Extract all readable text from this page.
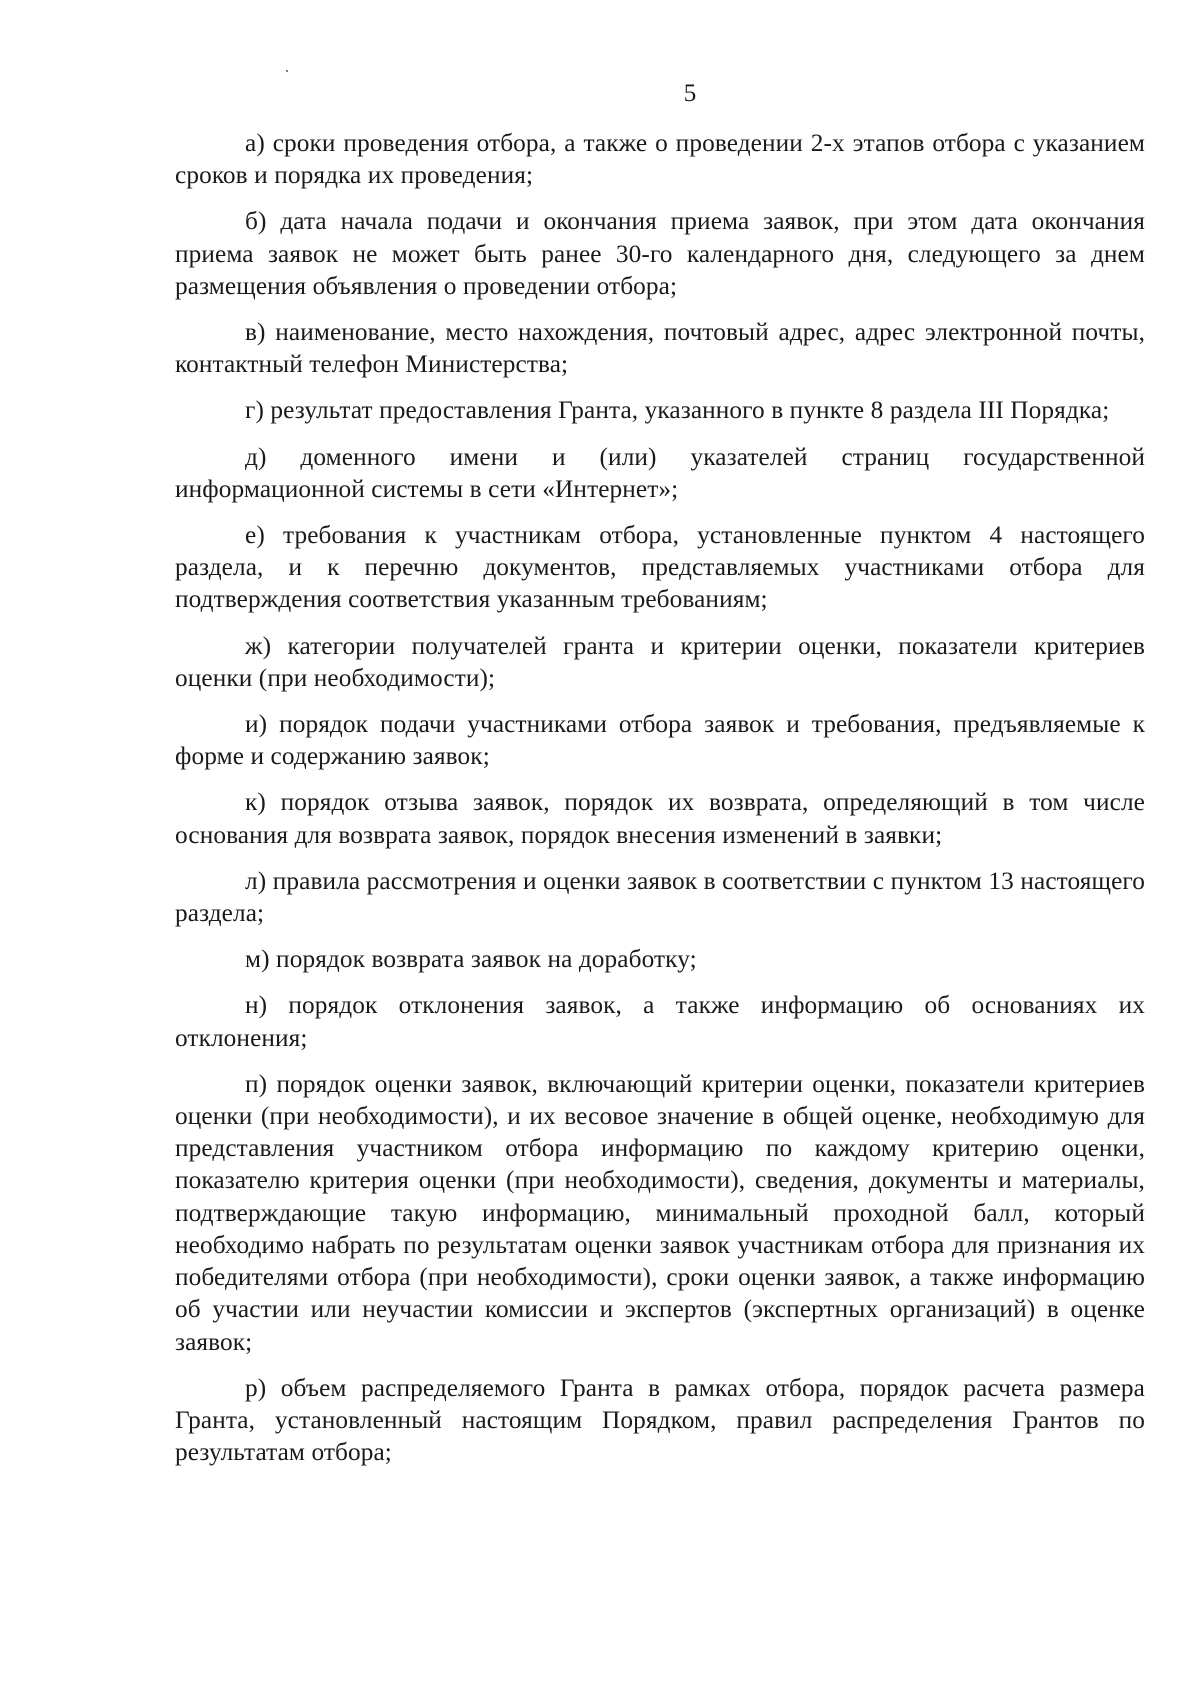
5

а) сроки проведения отбора, а также о проведении 2-х этапов отбора с указанием сроков и порядка их проведения;

б) дата начала подачи и окончания приема заявок, при этом дата окончания приема заявок не может быть ранее 30-го календарного дня, следующего за днем размещения объявления о проведении отбора;

в) наименование, место нахождения, почтовый адрес, адрес электронной почты, контактный телефон Министерства;

г) результат предоставления Гранта, указанного в пункте 8 раздела III Порядка;

д) доменного имени и (или) указателей страниц государственной информационной системы в сети «Интернет»;

е) требования к участникам отбора, установленные пунктом 4 настоящего раздела, и к перечню документов, представляемых участниками отбора для подтверждения соответствия указанным требованиям;

ж) категории получателей гранта и критерии оценки, показатели критериев оценки (при необходимости);

и) порядок подачи участниками отбора заявок и требования, предъявляемые к форме и содержанию заявок;

к) порядок отзыва заявок, порядок их возврата, определяющий в том числе основания для возврата заявок, порядок внесения изменений в заявки;

л) правила рассмотрения и оценки заявок в соответствии с пунктом 13 настоящего раздела;

м) порядок возврата заявок на доработку;

н) порядок отклонения заявок, а также информацию об основаниях их отклонения;

п) порядок оценки заявок, включающий критерии оценки, показатели критериев оценки (при необходимости), и их весовое значение в общей оценке, необходимую для представления участником отбора информацию по каждому критерию оценки, показателю критерия оценки (при необходимости), сведения, документы и материалы, подтверждающие такую информацию, минимальный проходной балл, который необходимо набрать по результатам оценки заявок участникам отбора для признания их победителями отбора (при необходимости), сроки оценки заявок, а также информацию об участии или неучастии комиссии и экспертов (экспертных организаций) в оценке заявок;

р) объем распределяемого Гранта в рамках отбора, порядок расчета размера Гранта, установленный настоящим Порядком, правил распределения Грантов по результатам отбора;
